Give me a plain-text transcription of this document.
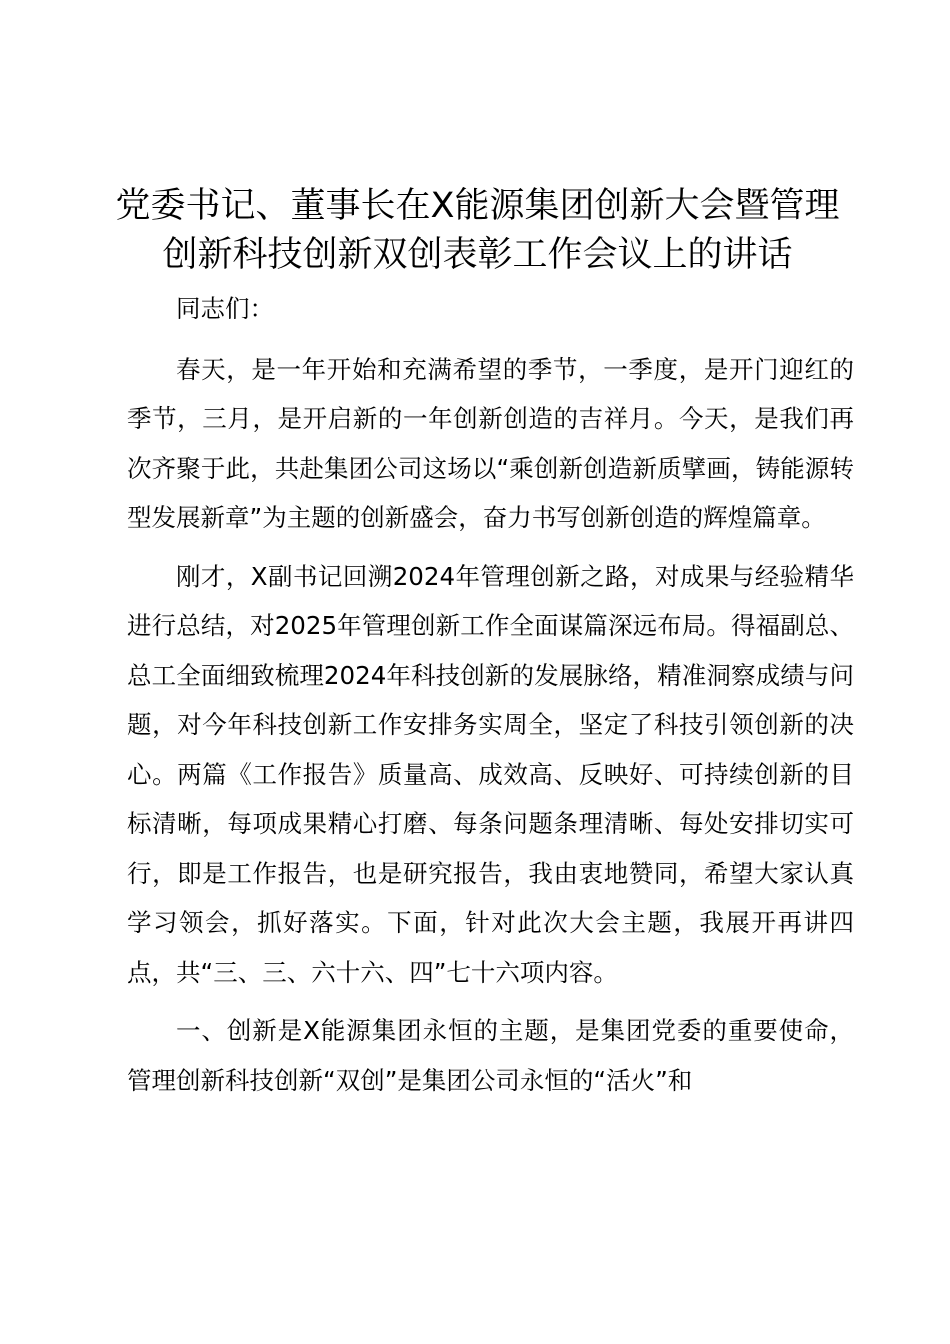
党委书记、董事长在X能源集团创新大会暨管理创新科技创新双创表彰工作会议上的讲话

同志们：

春天，是一年开始和充满希望的季节，一季度，是开门迎红的季节，三月，是开启新的一年创新创造的吉祥月。今天，是我们再次齐聚于此，共赴集团公司这场以“乘创新创造新质擘画，铸能源转型发展新章”为主题的创新盛会，奋力书写创新创造的辉煌篇章。

刚才，X副书记回溯2024年管理创新之路，对成果与经验精华进行总结，对2025年管理创新工作全面谋篇深远布局。得福副总、总工全面细致梳理2024年科技创新的发展脉络，精准洞察成绩与问题，对今年科技创新工作安排务实周全，坚定了科技引领创新的决心。两篇《工作报告》质量高、成效高、反映好、可持续创新的目标清晰，每项成果精心打磨、每条问题条理清晰、每处安排切实可行，即是工作报告，也是研究报告，我由衷地赞同，希望大家认真学习领会，抓好落实。下面，针对此次大会主题，我展开再讲四点，共“三、三、六十六、四”七十六项内容。

一、创新是X能源集团永恒的主题，是集团党委的重要使命，管理创新科技创新“双创”是集团公司永恒的“活火”和
